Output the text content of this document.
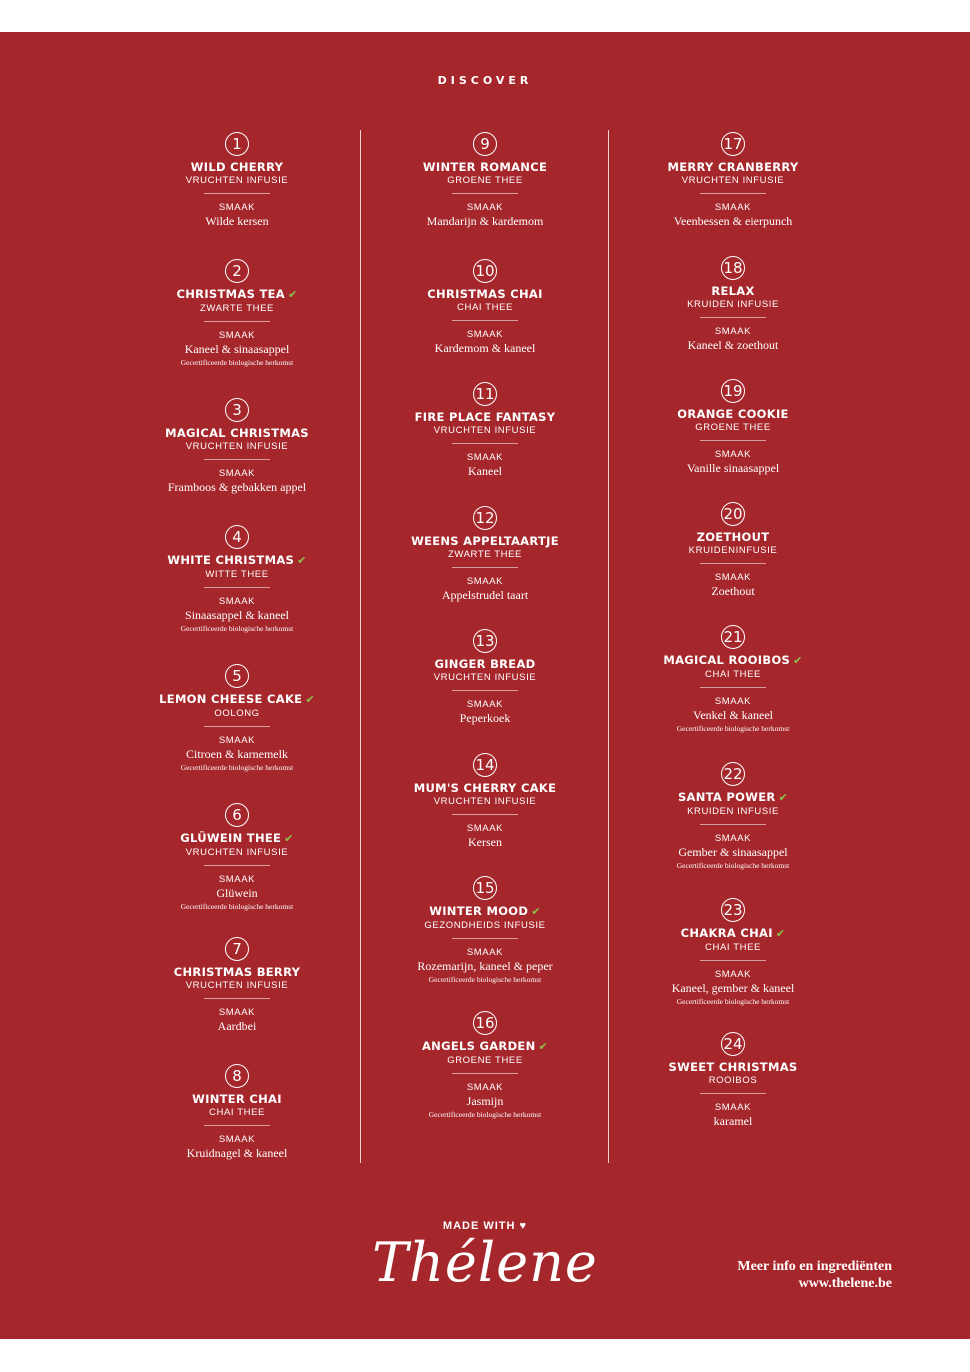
DISCOVER
1
WILD CHERRY
VRUCHTEN INFUSIE
SMAAK
Wilde kersen
2
CHRISTMAS TEA ✔
ZWARTE THEE
SMAAK
Kaneel & sinaasappel
Gecertificeerde biologische herkomst
3
MAGICAL CHRISTMAS
VRUCHTEN INFUSIE
SMAAK
Framboos & gebakken appel
4
WHITE CHRISTMAS ✔
WITTE THEE
SMAAK
Sinaasappel & kaneel
Gecertificeerde biologische herkomst
5
LEMON CHEESE CAKE ✔
OOLONG
SMAAK
Citroen & karnemelk
Gecertificeerde biologische herkomst
6
GLÜWEIN THEE ✔
VRUCHTEN INFUSIE
SMAAK
Glüwein
Gecertificeerde biologische herkomst
7
CHRISTMAS BERRY
VRUCHTEN INFUSIE
SMAAK
Aardbei
8
WINTER CHAI
CHAI THEE
SMAAK
Kruidnagel & kaneel
9
WINTER ROMANCE
GROENE THEE
SMAAK
Mandarijn & kardemom
10
CHRISTMAS CHAI
CHAI THEE
SMAAK
Kardemom & kaneel
11
FIRE PLACE FANTASY
VRUCHTEN INFUSIE
SMAAK
Kaneel
12
WEENS APPELTAARTJE
ZWARTE THEE
SMAAK
Appelstrudel taart
13
GINGER BREAD
VRUCHTEN INFUSIE
SMAAK
Peperkoek
14
MUM'S CHERRY CAKE
VRUCHTEN INFUSIE
SMAAK
Kersen
15
WINTER MOOD ✔
GEZONDHEIDS INFUSIE
SMAAK
Rozemarijn, kaneel & peper
Gecertificeerde biologische herkomst
16
ANGELS GARDEN ✔
GROENE THEE
SMAAK
Jasmijn
Gecertificeerde biologische herkomst
17
MERRY CRANBERRY
VRUCHTEN INFUSIE
SMAAK
Veenbessen & eierpunch
18
RELAX
KRUIDEN INFUSIE
SMAAK
Kaneel & zoethout
19
ORANGE COOKIE
GROENE THEE
SMAAK
Vanille sinaasappel
20
ZOETHOUT
KRUIDENINFUSIE
SMAAK
Zoethout
21
MAGICAL ROOIBOS ✔
CHAI THEE
SMAAK
Venkel & kaneel
Gecertificeerde biologische herkomst
22
SANTA POWER ✔
KRUIDEN INFUSIE
SMAAK
Gember & sinaasappel
Gecertificeerde biologische herkomst
23
CHAKRA CHAI ✔
CHAI THEE
SMAAK
Kaneel, gember & kaneel
Gecertificeerde biologische herkomst
24
SWEET CHRISTMAS
ROOIBOS
SMAAK
karamel
MADE WITH ♥
Thélene	Meer info en ingrediënten
www.thelene.be
